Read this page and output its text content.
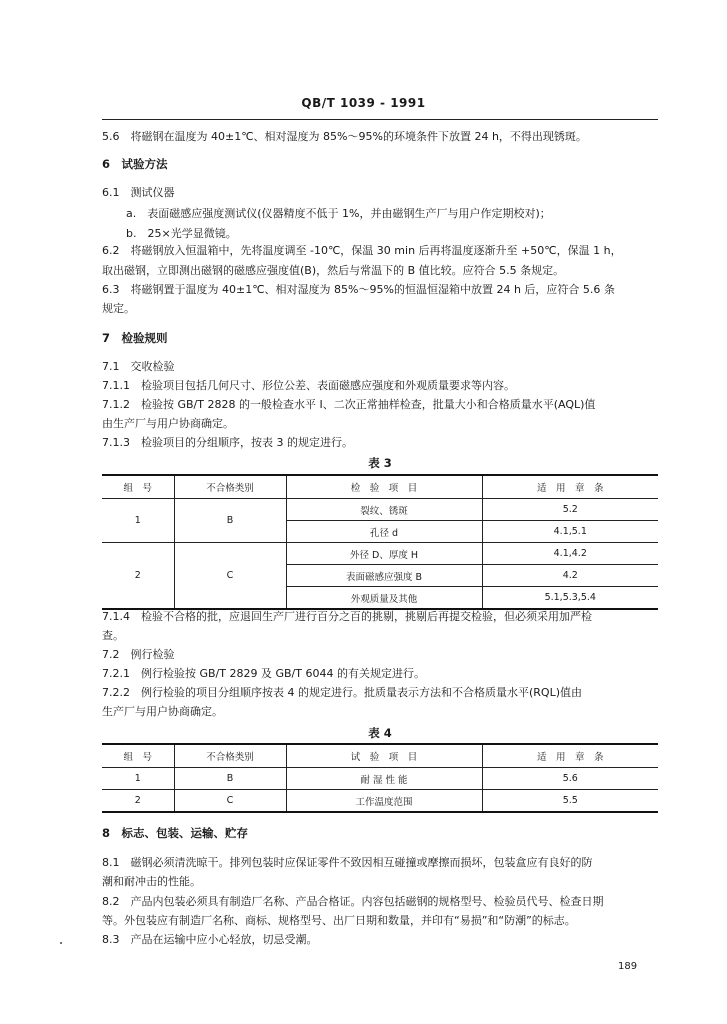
QB/T 1039 - 1991
5.6　将磁钢在温度为 40±1℃、相对湿度为 85%～95%的环境条件下放置 24 h，不得出现锈斑。
6　试验方法
6.1　测试仪器
a.　表面磁感应强度测试仪(仪器精度不低于 1%，并由磁钢生产厂与用户作定期校对)；
b.　25×光学显微镜。
6.2　将磁钢放入恒温箱中，先将温度调至 -10℃，保温 30 min 后再将温度逐渐升至 +50℃，保温 1 h，
取出磁钢，立即测出磁钢的磁感应强度值(B)，然后与常温下的 B 值比较。应符合 5.5 条规定。
6.3　将磁钢置于温度为 40±1℃、相对湿度为 85%～95%的恒温恒湿箱中放置 24 h 后，应符合 5.6 条
规定。
7　检验规则
7.1　交收检验
7.1.1　检验项目包括几何尺寸、形位公差、表面磁感应强度和外观质量要求等内容。
7.1.2　检验按 GB/T 2828 的一般检查水平 Ⅰ、二次正常抽样检查，批量大小和合格质量水平(AQL)值
由生产厂与用户协商确定。
7.1.3　检验项目的分组顺序，按表 3 的规定进行。
表 3
组　号	不合格类别	检　验　项　目	适　用　章　条
1	B	裂纹、锈斑	5.2
		孔径 d	4.1,5.1
2	C	外径 D、厚度 H	4.1,4.2
		表面磁感应强度 B	4.2
		外观质量及其他	5.1,5.3,5.4
7.1.4　检验不合格的批，应退回生产厂进行百分之百的挑剔，挑剔后再提交检验，但必须采用加严检
查。
7.2　例行检验
7.2.1　例行检验按 GB/T 2829 及 GB/T 6044 的有关规定进行。
7.2.2　例行检验的项目分组顺序按表 4 的规定进行。批质量表示方法和不合格质量水平(RQL)值由
生产厂与用户协商确定。
表 4
组　号	不合格类别	试　验　项　目	适　用　章　条
1	B	耐 湿 性 能	5.6
2	C	工作温度范围	5.5
8　标志、包装、运输、贮存
8.1　磁钢必须清洗晾干。排列包装时应保证零件不致因相互碰撞或摩擦而损坏，包装盒应有良好的防
潮和耐冲击的性能。
8.2　产品内包装必须具有制造厂名称、产品合格证。内容包括磁钢的规格型号、检验员代号、检查日期
等。外包装应有制造厂名称、商标、规格型号、出厂日期和数量，并印有“易损”和“防潮”的标志。
8.3　产品在运输中应小心轻放，切忌受潮。
189
